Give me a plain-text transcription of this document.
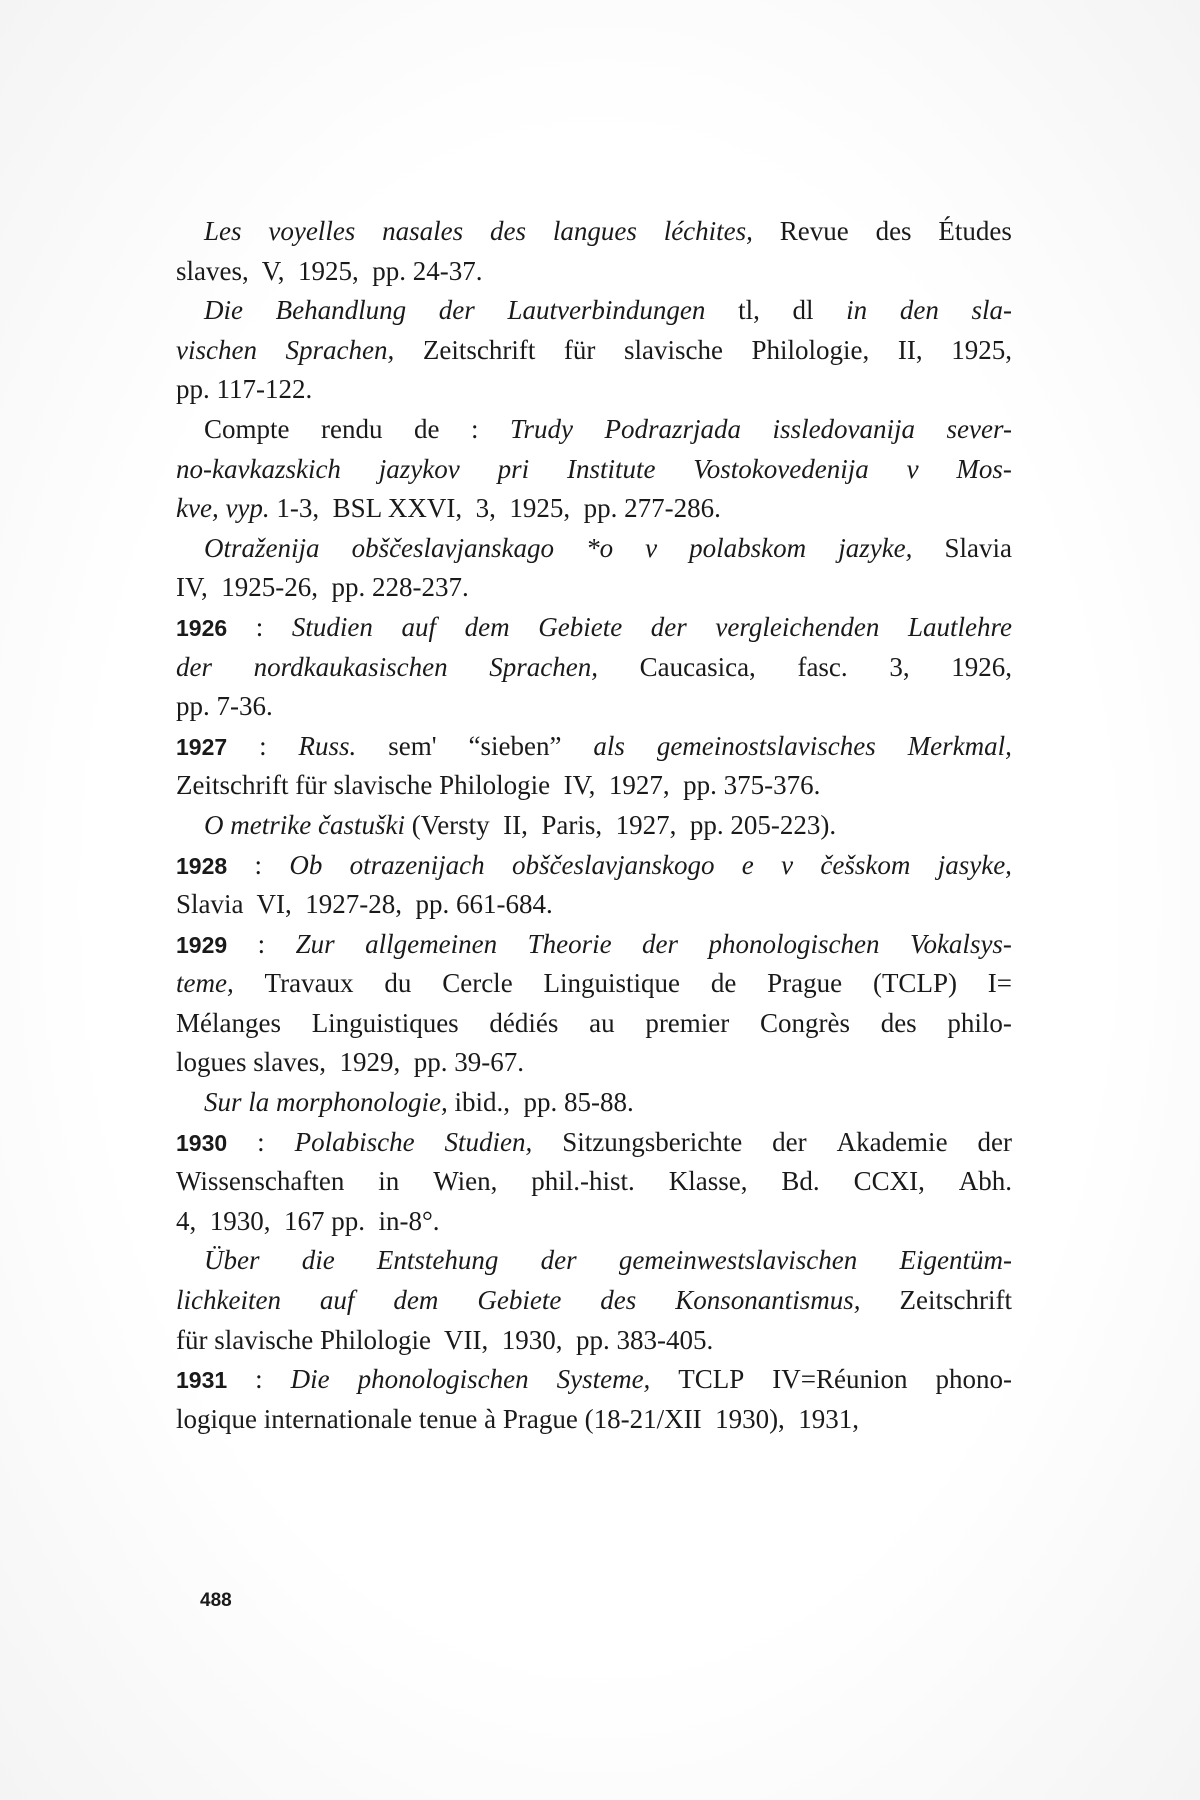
Les voyelles nasales des langues léchites, Revue des Études
slaves,  V,  1925,  pp. 24-37.
Die Behandlung der Lautverbindungen tl, dl in den sla-
vischen Sprachen, Zeitschrift für slavische Philologie, II, 1925,
pp. 117-122.
Compte rendu de : Trudy Podrazrjada issledovanija sever-
no-kavkazskich jazykov pri Institute Vostokovedenija v Mos-
kve, vyp. 1-3,  BSL XXVI,  3,  1925,  pp. 277-286.
Otraženija obščeslavjanskago *o v polabskom jazyke, Slavia
IV,  1925-26,  pp. 228-237.
1926 : Studien auf dem Gebiete der vergleichenden Lautlehre
der nordkaukasischen Sprachen, Caucasica, fasc. 3, 1926,
pp. 7-36.
1927 : Russ. sem' “sieben” als gemeinostslavisches Merkmal,
Zeitschrift für slavische Philologie  IV,  1927,  pp. 375-376.
O metrike častuški (Versty  II,  Paris,  1927,  pp. 205-223).
1928 : Ob otrazenijach obščeslavjanskogo e v češskom jasyke,
Slavia  VI,  1927-28,  pp. 661-684.
1929 : Zur allgemeinen Theorie der phonologischen Vokalsys-
teme, Travaux du Cercle Linguistique de Prague (TCLP) I=
Mélanges Linguistiques dédiés au premier Congrès des philo-
logues slaves,  1929,  pp. 39-67.
Sur la morphonologie, ibid.,  pp. 85-88.
1930 : Polabische Studien, Sitzungsberichte der Akademie der
Wissenschaften in Wien, phil.-hist. Klasse, Bd. CCXI, Abh.
4,  1930,  167 pp.  in-8°.
Über die Entstehung der gemeinwestslavischen Eigentüm-
lichkeiten auf dem Gebiete des Konsonantismus, Zeitschrift
für slavische Philologie  VII,  1930,  pp. 383-405.
1931 : Die phonologischen Systeme, TCLP IV=Réunion phono-
logique internationale tenue à Prague (18-21/XII  1930),  1931,
488
